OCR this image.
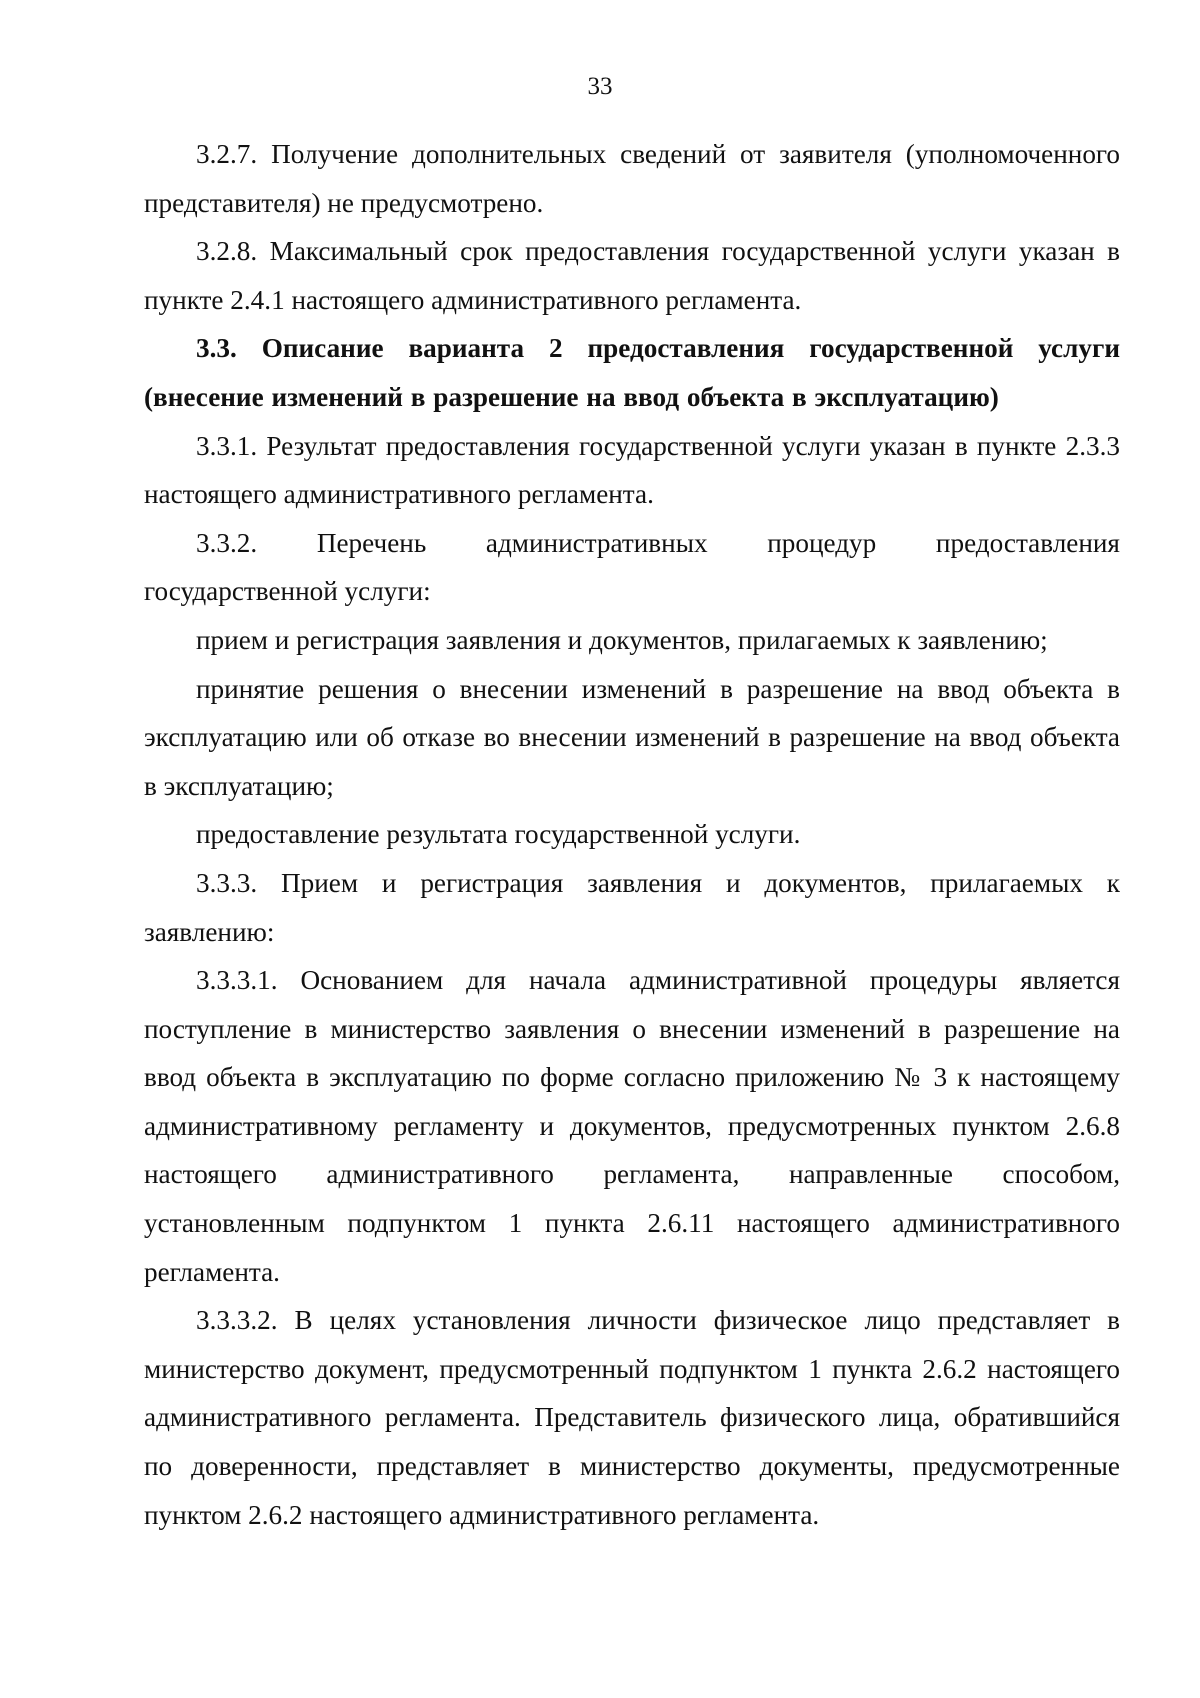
33

3.2.7. Получение дополнительных сведений от заявителя (уполномоченного представителя) не предусмотрено.

3.2.8. Максимальный срок предоставления государственной услуги указан в пункте 2.4.1 настоящего административного регламента.

3.3. Описание варианта 2 предоставления государственной услуги (внесение изменений в разрешение на ввод объекта в эксплуатацию)

3.3.1. Результат предоставления государственной услуги указан в пункте 2.3.3 настоящего административного регламента.

3.3.2. Перечень административных процедур предоставления

государственной услуги:

прием и регистрация заявления и документов, прилагаемых к заявлению;

принятие решения о внесении изменений в разрешение на ввод объекта в эксплуатацию или об отказе во внесении изменений в разрешение на ввод объекта в эксплуатацию;

предоставление результата государственной услуги.

3.3.3. Прием и регистрация заявления и документов, прилагаемых к заявлению:

3.3.3.1. Основанием для начала административной процедуры является поступление в министерство заявления о внесении изменений в разрешение на ввод объекта в эксплуатацию по форме согласно приложению № 3 к настоящему административному регламенту и документов, предусмотренных пунктом 2.6.8 настоящего административного регламента, направленные способом, установленным подпунктом 1 пункта 2.6.11 настоящего административного регламента.

3.3.3.2. В целях установления личности физическое лицо представляет в министерство документ, предусмотренный подпунктом 1 пункта 2.6.2 настоящего административного регламента. Представитель физического лица, обратившийся по доверенности, представляет в министерство документы, предусмотренные пунктом 2.6.2 настоящего административного регламента.
